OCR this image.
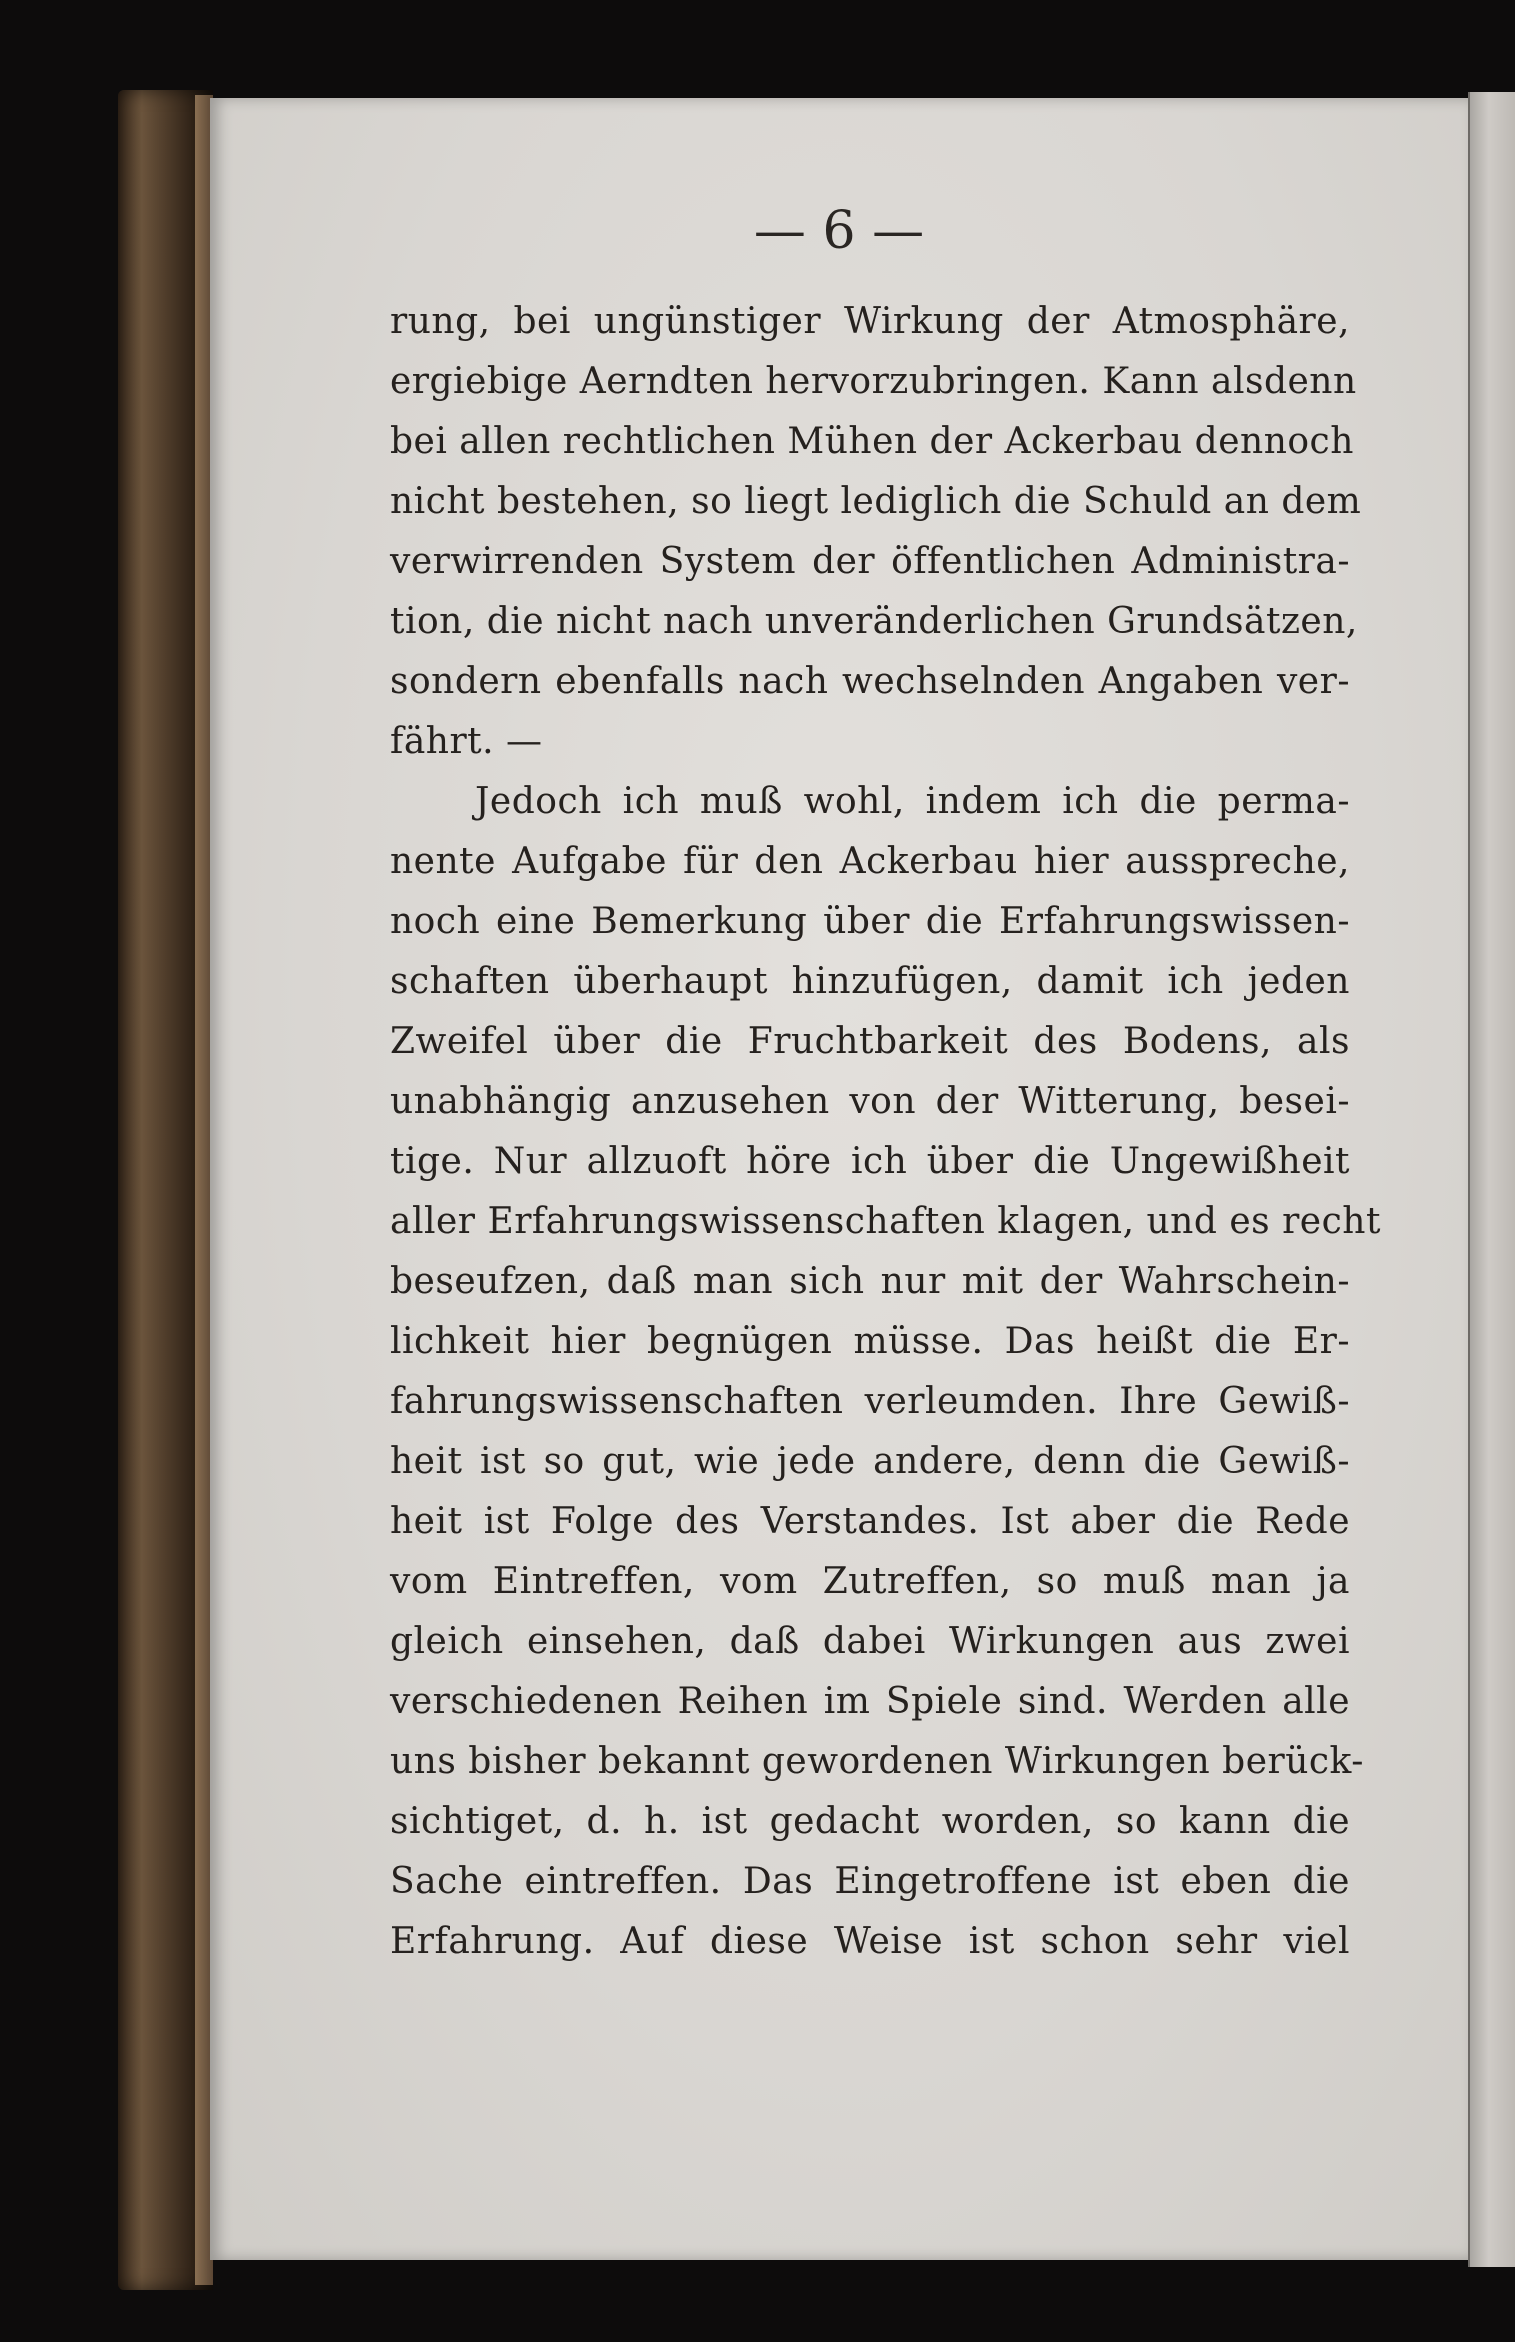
— 6 —
rung, bei ungünstiger Wirkung der Atmosphäre,
ergiebige Aerndten hervorzubringen. Kann alsdenn
bei allen rechtlichen Mühen der Ackerbau dennoch
nicht bestehen, so liegt lediglich die Schuld an dem
verwirrenden System der öffentlichen Administra-
tion, die nicht nach unveränderlichen Grundsätzen,
sondern ebenfalls nach wechselnden Angaben ver-
fährt. —
Jedoch ich muß wohl, indem ich die perma-
nente Aufgabe für den Ackerbau hier ausspreche,
noch eine Bemerkung über die Erfahrungswissen-
schaften überhaupt hinzufügen, damit ich jeden
Zweifel über die Fruchtbarkeit des Bodens, als
unabhängig anzusehen von der Witterung, besei-
tige. Nur allzuoft höre ich über die Ungewißheit
aller Erfahrungswissenschaften klagen, und es recht
beseufzen, daß man sich nur mit der Wahrschein-
lichkeit hier begnügen müsse. Das heißt die Er-
fahrungswissenschaften verleumden. Ihre Gewiß-
heit ist so gut, wie jede andere, denn die Gewiß-
heit ist Folge des Verstandes. Ist aber die Rede
vom Eintreffen, vom Zutreffen, so muß man ja
gleich einsehen, daß dabei Wirkungen aus zwei
verschiedenen Reihen im Spiele sind. Werden alle
uns bisher bekannt gewordenen Wirkungen berück-
sichtiget, d. h. ist gedacht worden, so kann die
Sache eintreffen. Das Eingetroffene ist eben die
Erfahrung. Auf diese Weise ist schon sehr viel
